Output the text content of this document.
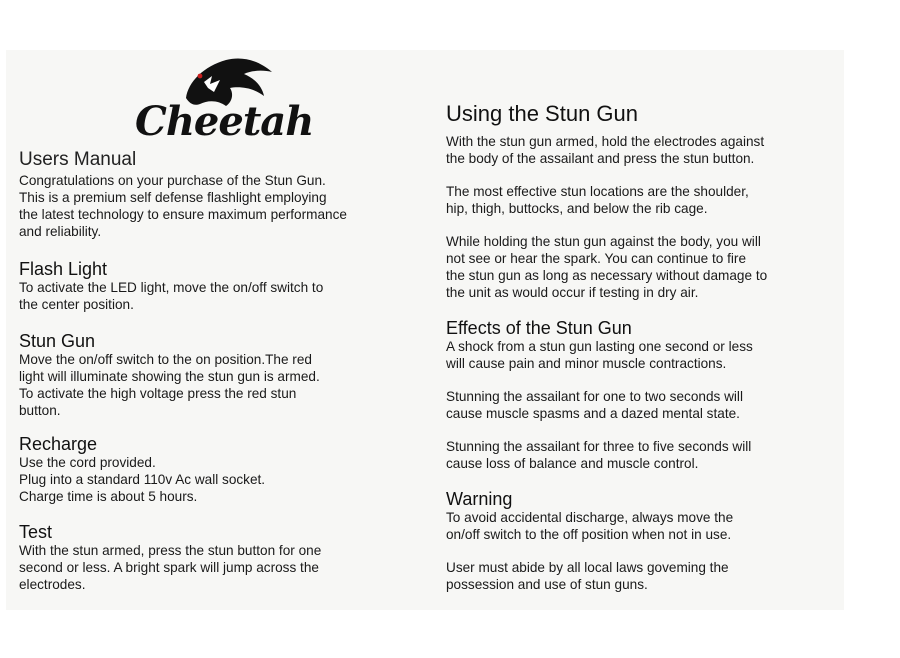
Cheetah
Users Manual

Congratulations on your purchase of the Stun Gun.

This is a premium self defense flashlight employing

the latest technology to ensure maximum performance

and reliability.

Flash Light

To activate the LED light, move the on/off switch to

the center position.

Stun Gun

Move the on/off switch to the on position.The red

light will illuminate showing the stun gun is armed.

To activate the high voltage press the red stun

button.

Recharge

Use the cord provided.

Plug into a standard 110v Ac wall socket.

Charge time is about 5 hours.

Test

With the stun armed, press the stun button for one

second or less. A bright spark will jump across the

electrodes.

Using the Stun Gun

With the stun gun armed, hold the electrodes against

the body of the assailant and press the stun button.

The most effective stun locations are the shoulder,

hip, thigh, buttocks, and below the rib cage.

While holding the stun gun against the body, you will

not see or hear the spark. You can continue to fire

the stun gun as long as necessary without damage to

the unit as would occur if testing in dry air.

Effects of the Stun Gun

A shock from a stun gun lasting one second or less

will cause pain and minor muscle contractions.

Stunning the assailant for one to two seconds will

cause muscle spasms and a dazed mental state.

Stunning the assailant for three to five seconds will

cause loss of balance and muscle control.

Warning

To avoid accidental discharge, always move the

on/off switch to the off position when not in use.

User must abide by all local laws goveming the

possession and use of stun guns.
